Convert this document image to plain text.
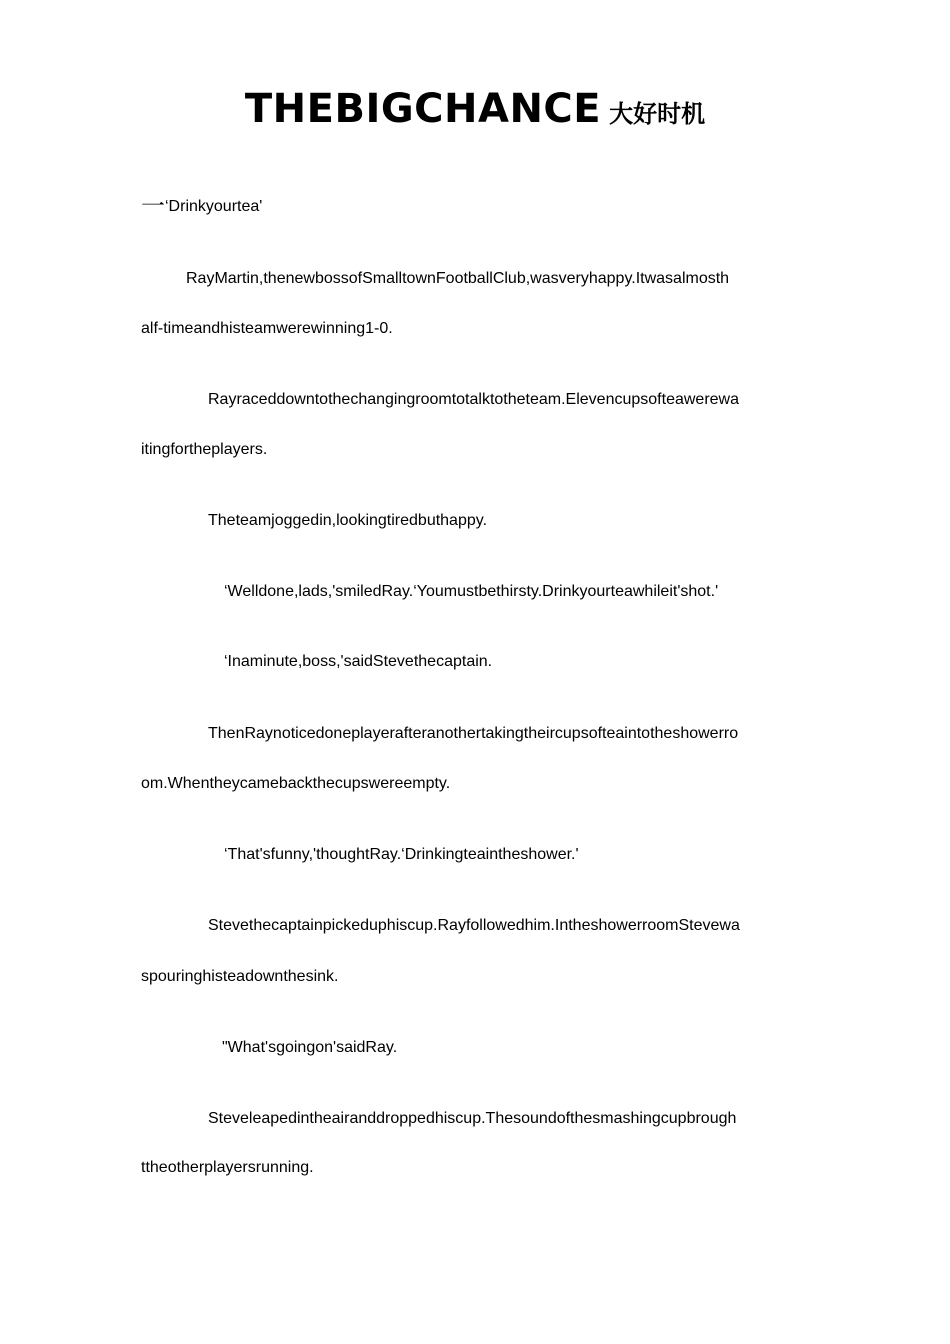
THEBIGCHANCE 大好时机
一‘Drinkyourtea'
RayMartin,thenewbossofSmalltownFootballClub,wasveryhappy.Itwasalmosth
alf-timeandhisteamwerewinning1-0.
Rayraceddowntothechangingroomtotalktotheteam.Elevencupsofteawerewa
itingfortheplayers.
Theteamjoggedin,lookingtiredbuthappy.
‘Welldone,lads,'smiledRay.‘Youmustbethirsty.Drinkyourteawhileit'shot.'
‘Inaminute,boss,'saidStevethecaptain.
ThenRaynoticedoneplayerafteranothertakingtheircupsofteaintotheshowerro
om.Whentheycamebackthecupswereempty.
‘That'sfunny,'thoughtRay.‘Drinkingteaintheshower.'
Stevethecaptainpickeduphiscup.Rayfollowedhim.IntheshowerroomStevewa
spouringhisteadownthesink.
"What'sgoingon'saidRay.
Steveleapedintheairanddroppedhiscup.Thesoundofthesmashingcupbrough
ttheotherplayersrunning.
